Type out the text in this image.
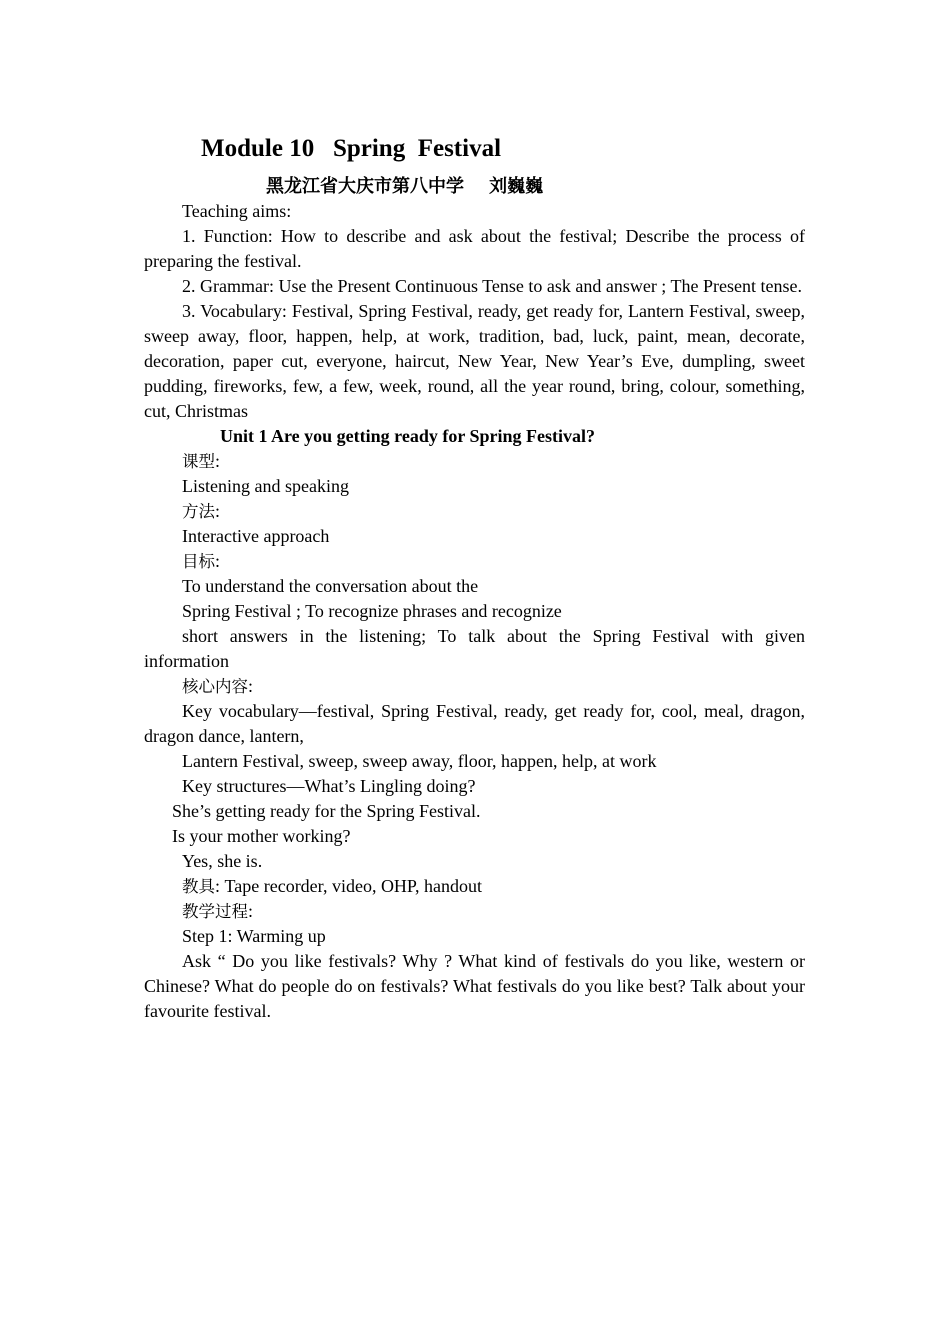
Module 10   Spring  Festival
黑龙江省大庆市第八中学    刘巍巍

Teaching aims:

1. Function: How to describe and ask about the festival; Describe the process of preparing the festival.

2. Grammar: Use the Present Continuous Tense to ask and answer ; The Present tense.

3. Vocabulary: Festival, Spring Festival, ready, get ready for, Lantern Festival, sweep, sweep away, floor, happen, help, at work, tradition, bad, luck, paint, mean, decorate, decoration, paper cut, everyone, haircut, New Year, New Year’s Eve, dumpling, sweet pudding, fireworks, few, a few, week, round, all the year round, bring, colour, something, cut, Christmas

Unit 1 Are you getting ready for Spring Festival?

课型:

Listening and speaking

方法:

Interactive approach

目标:

To understand the conversation about the

Spring Festival ; To recognize phrases and recognize

short answers in the listening; To talk about the Spring Festival with given information

核心内容:

Key vocabulary—festival, Spring Festival, ready, get ready for, cool, meal, dragon, dragon dance, lantern,

Lantern Festival, sweep, sweep away, floor, happen, help, at work

Key structures—What’s Lingling doing?

She’s getting ready for the Spring Festival.

Is your mother working?

Yes, she is.

教具: Tape recorder, video, OHP, handout

教学过程:

Step 1: Warming up

Ask “ Do you like festivals? Why ? What kind of festivals do you like, western or Chinese? What do people do on festivals? What festivals do you like best? Talk about your favourite festival.
